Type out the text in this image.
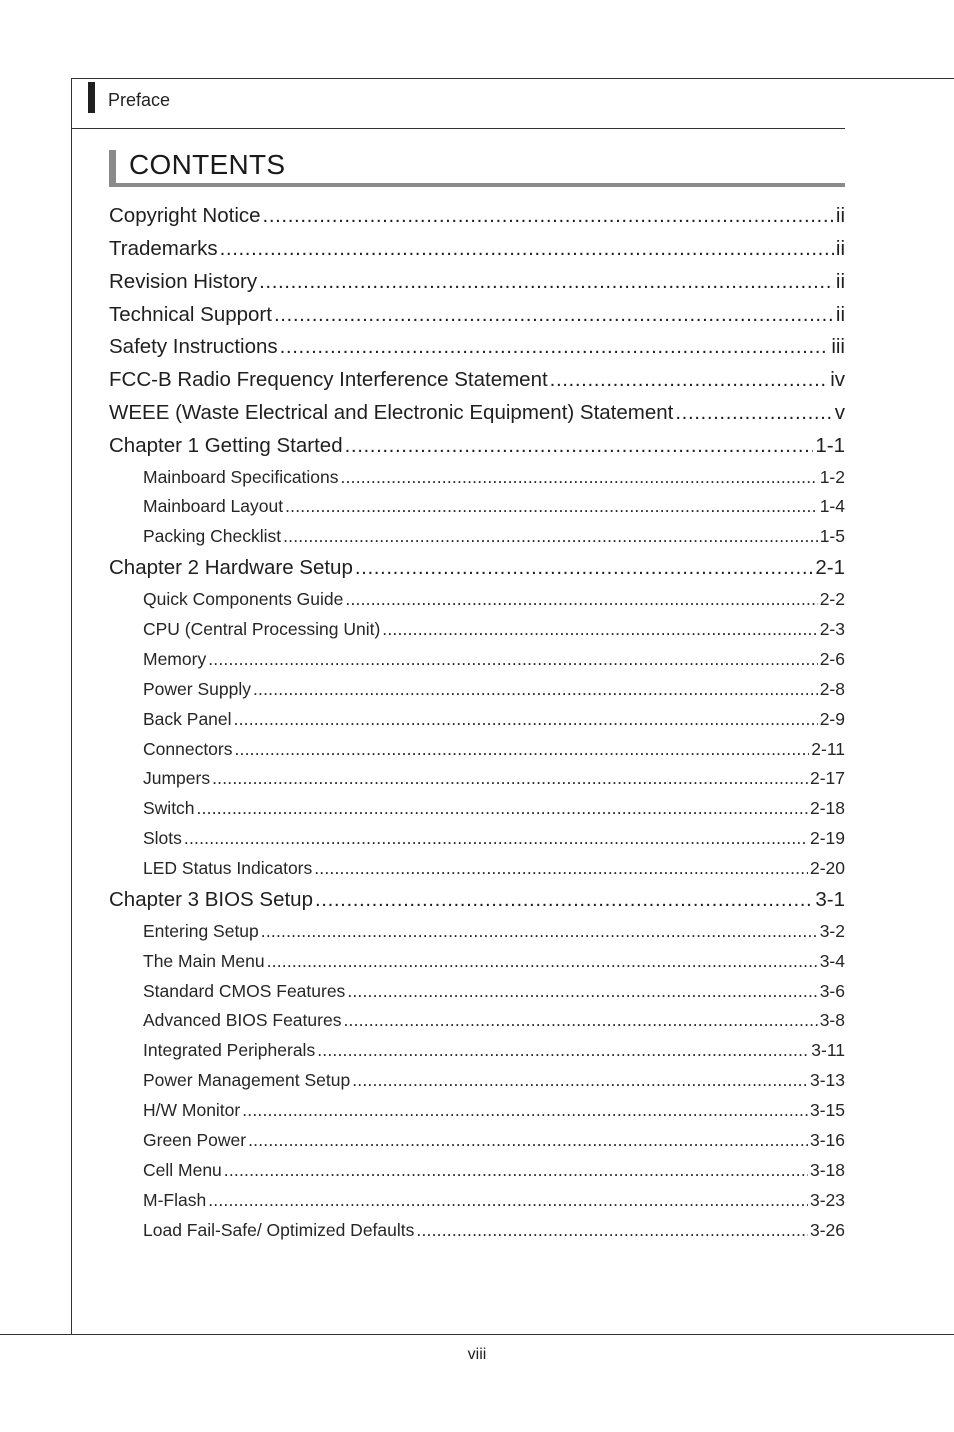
Preface
CONTENTS
Copyright Notice .....	ii
Trademarks .....	ii
Revision History .....	ii
Technical Support .....	ii
Safety Instructions .....	iii
FCC-B Radio Frequency Interference Statement .....	iv
WEEE (Waste Electrical and Electronic Equipment) Statement .....	v
Chapter 1 Getting Started .....	1-1
Mainboard Specifications .....	1-2
Mainboard Layout .....	1-4
Packing Checklist .....	1-5
Chapter 2 Hardware Setup .....	2-1
Quick Components Guide .....	2-2
CPU (Central Processing Unit) .....	2-3
Memory .....	2-6
Power Supply .....	2-8
Back Panel .....	2-9
Connectors .....	2-11
Jumpers .....	2-17
Switch .....	2-18
Slots .....	2-19
LED Status Indicators .....	2-20
Chapter 3 BIOS Setup .....	3-1
Entering Setup .....	3-2
The Main Menu .....	3-4
Standard CMOS Features .....	3-6
Advanced BIOS Features .....	3-8
Integrated Peripherals .....	3-11
Power Management Setup .....	3-13
H/W Monitor .....	3-15
Green Power .....	3-16
Cell Menu .....	3-18
M-Flash .....	3-23
Load Fail-Safe/ Optimized Defaults .....	3-26
viii
